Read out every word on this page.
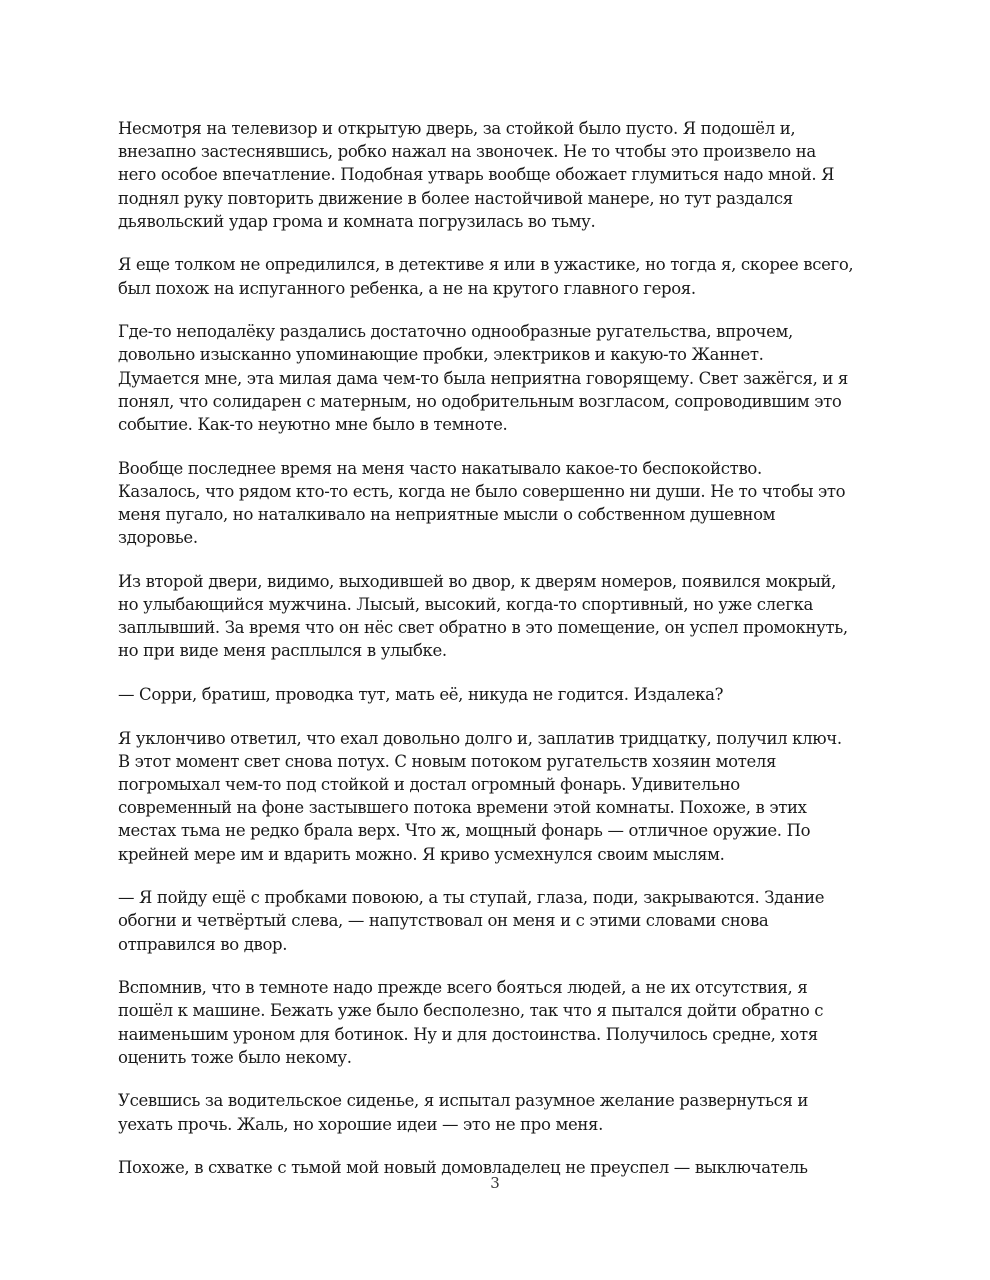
Несмотря на телевизор и открытую дверь, за стойкой было пусто. Я подошёл и,
внезапно застеснявшись, робко нажал на звоночек. Не то чтобы это произвело на
него особое впечатление. Подобная утварь вообще обожает глумиться надо мной. Я
поднял руку повторить движение в более настойчивой манере, но тут раздался
дьявольский удар грома и комната погрузилась во тьму.

Я еще толком не опредилился, в детективе я или в ужастике, но тогда я, скорее всего,
был похож на испуганного ребенка, а не на крутого главного героя.

Где-то неподалёку раздались достаточно однообразные ругательства, впрочем,
довольно изысканно упоминающие пробки, электриков и какую-то Жаннет.
Думается мне, эта милая дама чем-то была неприятна говорящему. Свет зажёгся, и я
понял, что солидарен с матерным, но одобрительным возгласом, сопроводившим это
событие. Как-то неуютно мне было в темноте.

Вообще последнее время на меня часто накатывало какое-то беспокойство.
Казалось, что рядом кто-то есть, когда не было совершенно ни души. Не то чтобы это
меня пугало, но наталкивало на неприятные мысли о собственном душевном
здоровье.

Из второй двери, видимо, выходившей во двор, к дверям номеров, появился мокрый,
но улыбающийся мужчина. Лысый, высокий, когда-то спортивный, но уже слегка
заплывший. За время что он нёс свет обратно в это помещение, он успел промокнуть,
но при виде меня расплылся в улыбке.

— Сорри, братиш, проводка тут, мать её, никуда не годится. Издалека?

Я уклончиво ответил, что ехал довольно долго и, заплатив тридцатку, получил ключ.
В этот момент свет снова потух. С новым потоком ругательств хозяин мотеля
погромыхал чем-то под стойкой и достал огромный фонарь. Удивительно
современный на фоне застывшего потока времени этой комнаты. Похоже, в этих
местах тьма не редко брала верх. Что ж, мощный фонарь — отличное оружие. По
крейней мере им и вдарить можно. Я криво усмехнулся своим мыслям.

— Я пойду ещё с пробками повоюю, а ты ступай, глаза, поди, закрываются. Здание
обогни и четвёртый слева, — напутствовал он меня и с этими словами снова
отправился во двор.

Вспомнив, что в темноте надо прежде всего бояться людей, а не их отсутствия, я
пошёл к машине. Бежать уже было бесполезно, так что я пытался дойти обратно с
наименьшим уроном для ботинок. Ну и для достоинства. Получилось средне, хотя
оценить тоже было некому.

Усевшись за водительское сиденье, я испытал разумное желание развернуться и
уехать прочь. Жаль, но хорошие идеи — это не про меня.

Похоже, в схватке с тьмой мой новый домовладелец не преуспел — выключатель

3
